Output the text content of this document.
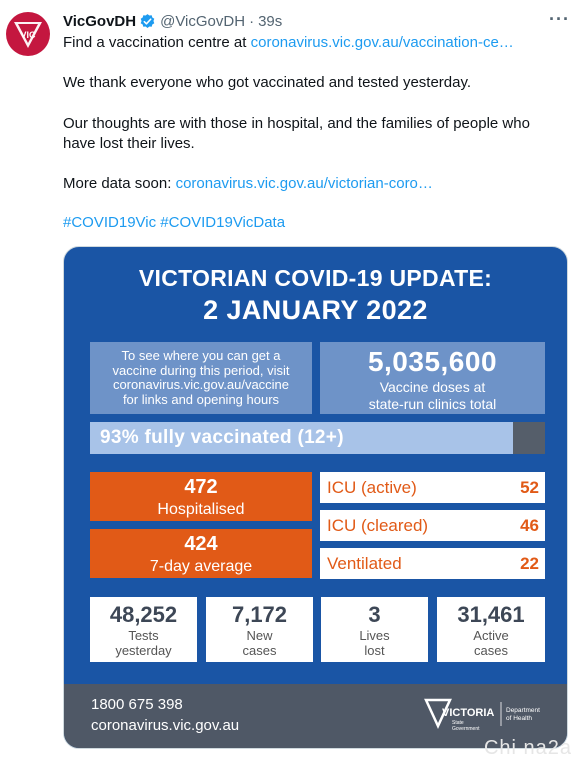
VIC
VicGovDH @VicGovDH · 39s	···
Find a vaccination centre at coronavirus.vic.gov.au/vaccination-ce…
We thank everyone who got vaccinated and tested yesterday.
Our thoughts are with those in hospital, and the families of people who
have lost their lives.
More data soon: coronavirus.vic.gov.au/victorian-coro…
#COVID19Vic #COVID19VicData
VICTORIAN COVID-19 UPDATE:
2 JANUARY 2022
To see where you can get a
vaccine during this period, visit
coronavirus.vic.gov.au/vaccine
for links and opening hours
5,035,600
Vaccine doses at
state-run clinics total
93% fully vaccinated (12+)
472
Hospitalised
424
7-day average
ICU (active)	52
ICU (cleared)	46
Ventilated	22
48,252
Tests
yesterday
7,172
New
cases
3
Lives
lost
31,461
Active
cases
1800 675 398
coronavirus.vic.gov.au
VICTORIA
State
Government
Department
of Health
Chi na2a
